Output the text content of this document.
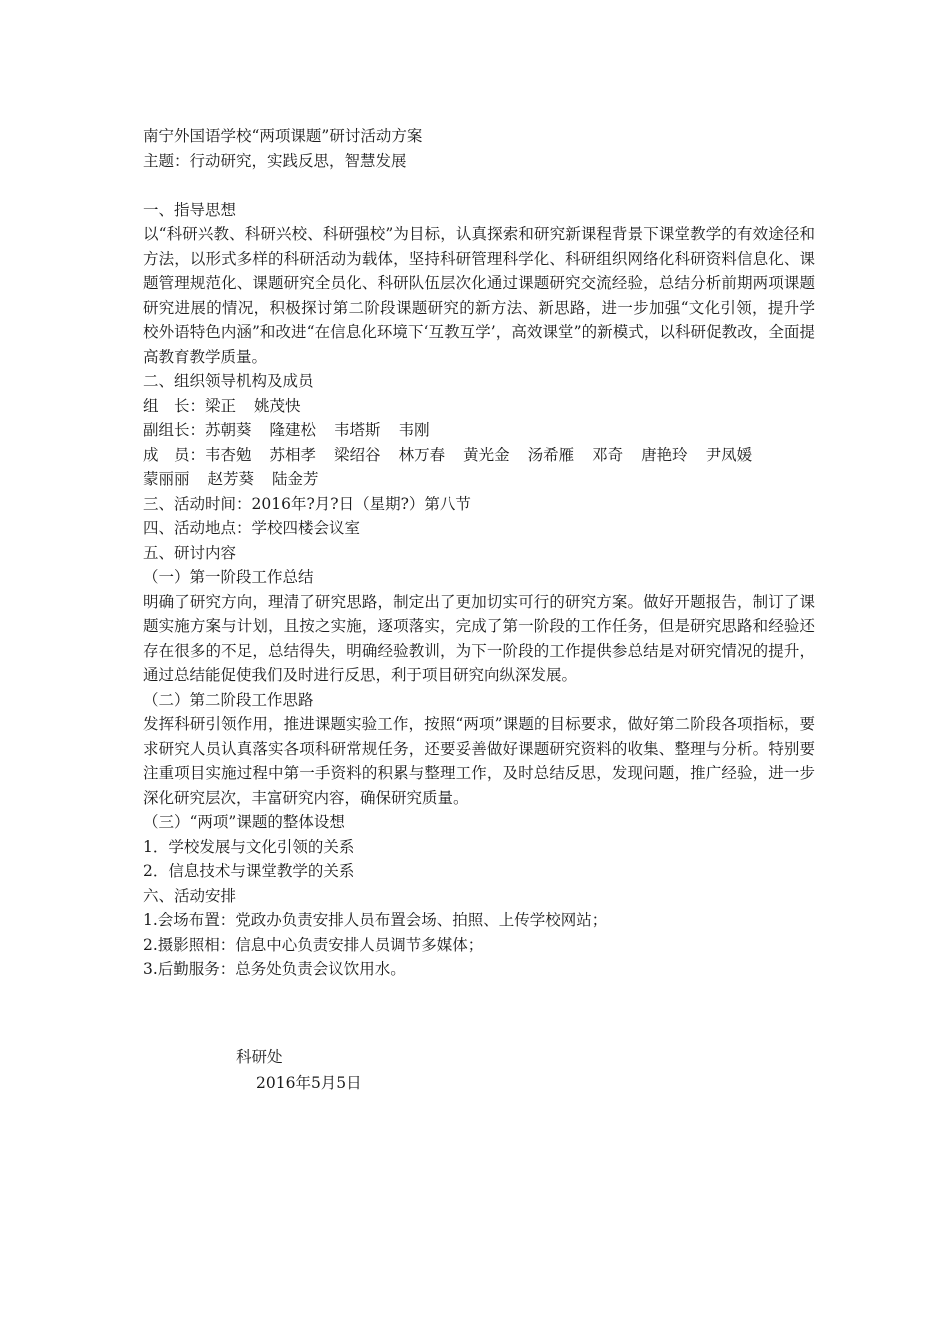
南宁外国语学校“两项课题”研讨活动方案

主题：行动研究，实践反思，智慧发展

一、指导思想

以“科研兴教、科研兴校、科研强校”为目标，认真探索和研究新课程背景下课堂教学的有效途径和方法，以形式多样的科研活动为载体，坚持科研管理科学化、科研组织网络化科研资料信息化、课题管理规范化、课题研究全员化、科研队伍层次化通过课题研究交流经验，总结分析前期两项课题研究进展的情况，积极探讨第二阶段课题研究的新方法、新思路，进一步加强“文化引领，提升学校外语特色内涵”和改进“在信息化环境下‘互教互学’，高效课堂”的新模式，以科研促教改，全面提高教育教学质量。

二、组织领导机构及成员

组　长：梁正 姚茂快

副组长：苏朝葵 隆建松 韦塔斯 韦刚

成　员：韦杏勉 苏相孝 梁绍谷 林万春 黄光金 汤希雁 邓奇 唐艳玲 尹凤媛

蒙丽丽 赵芳葵 陆金芳

三、活动时间：2016年?月?日（星期?）第八节

四、活动地点：学校四楼会议室

五、研讨内容

（一）第一阶段工作总结

明确了研究方向，理清了研究思路，制定出了更加切实可行的研究方案。做好开题报告，制订了课题实施方案与计划，且按之实施，逐项落实，完成了第一阶段的工作任务，但是研究思路和经验还存在很多的不足，总结得失，明确经验教训，为下一阶段的工作提供参总结是对研究情况的提升，通过总结能促使我们及时进行反思，利于项目研究向纵深发展。

（二）第二阶段工作思路

发挥科研引领作用，推进课题实验工作，按照“两项”课题的目标要求，做好第二阶段各项指标，要求研究人员认真落实各项科研常规任务，还要妥善做好课题研究资料的收集、整理与分析。特别要注重项目实施过程中第一手资料的积累与整理工作，及时总结反思，发现问题，推广经验，进一步深化研究层次，丰富研究内容，确保研究质量。

（三）“两项”课题的整体设想

1．学校发展与文化引领的关系

2．信息技术与课堂教学的关系

六、活动安排

1.会场布置：党政办负责安排人员布置会场、拍照、上传学校网站；

2.摄影照相：信息中心负责安排人员调节多媒体；

3.后勤服务：总务处负责会议饮用水。

科研处
2016年5月5日
